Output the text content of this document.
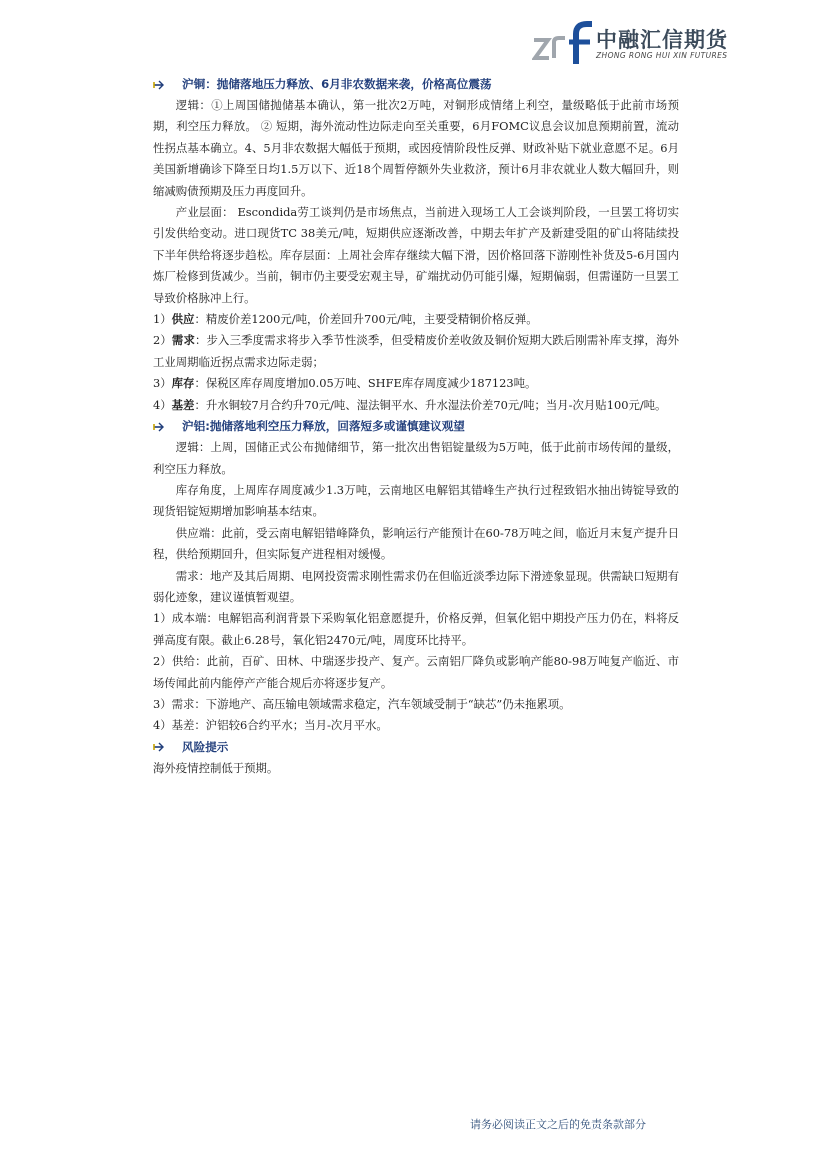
中融汇信期货
ZHONG RONG HUI XIN FUTURES
沪铜：抛储落地压力释放、6月非农数据来袭，价格高位震荡

逻辑：①上周国储抛储基本确认，第一批次2万吨，对铜形成情绪上利空，量级略低于此前市场预期，利空压力释放。 ② 短期，海外流动性边际走向至关重要，6月FOMC议息会议加息预期前置，流动性拐点基本确立。4、5月非农数据大幅低于预期，或因疫情阶段性反弹、财政补贴下就业意愿不足。6月美国新增确诊下降至日均1.5万以下、近18个周暂停额外失业救济，预计6月非农就业人数大幅回升，则缩减购债预期及压力再度回升。

产业层面： Escondida劳工谈判仍是市场焦点，当前进入现场工人工会谈判阶段，一旦罢工将切实引发供给变动。进口现货TC 38美元/吨，短期供应逐渐改善，中期去年扩产及新建受阻的矿山将陆续投下半年供给将逐步趋松。库存层面：上周社会库存继续大幅下滑，因价格回落下游刚性补货及5-6月国内炼厂检修到货减少。当前，铜市仍主要受宏观主导，矿端扰动仍可能引爆，短期偏弱，但需谨防一旦罢工导致价格脉冲上行。

1）供应：精废价差1200元/吨，价差回升700元/吨，主要受精铜价格反弹。

2）需求：步入三季度需求将步入季节性淡季，但受精废价差收敛及铜价短期大跌后刚需补库支撑，海外工业周期临近拐点需求边际走弱；

3）库存：保税区库存周度增加0.05万吨、SHFE库存周度减少187123吨。

4）基差：升水铜较7月合约升70元/吨、湿法铜平水、升水湿法价差70元/吨；当月-次月贴100元/吨。

沪铝:抛储落地利空压力释放，回落短多或谨慎建议观望

逻辑：上周，国储正式公布抛储细节，第一批次出售铝锭量级为5万吨，低于此前市场传闻的量级，利空压力释放。

库存角度，上周库存周度减少1.3万吨，云南地区电解铝其错峰生产执行过程致铝水抽出铸锭导致的现货铝锭短期增加影响基本结束。

供应端：此前，受云南电解铝错峰降负，影响运行产能预计在60-78万吨之间，临近月末复产提升日程，供给预期回升，但实际复产进程相对缓慢。

需求：地产及其后周期、电网投资需求刚性需求仍在但临近淡季边际下滑迹象显现。供需缺口短期有弱化迹象，建议谨慎暂观望。

1）成本端：电解铝高利润背景下采购氧化铝意愿提升，价格反弹，但氧化铝中期投产压力仍在，料将反弹高度有限。截止6.28号，氧化铝2470元/吨，周度环比持平。

2）供给：此前，百矿、田林、中瑞逐步投产、复产。云南铝厂降负或影响产能80-98万吨复产临近、市场传闻此前内能停产产能合规后亦将逐步复产。

3）需求：下游地产、高压输电领域需求稳定，汽车领域受制于“缺芯”仍未拖累项。

4）基差：沪铝较6合约平水；当月-次月平水。

风险提示

海外疫情控制低于预期。

请务必阅读正文之后的免责条款部分
